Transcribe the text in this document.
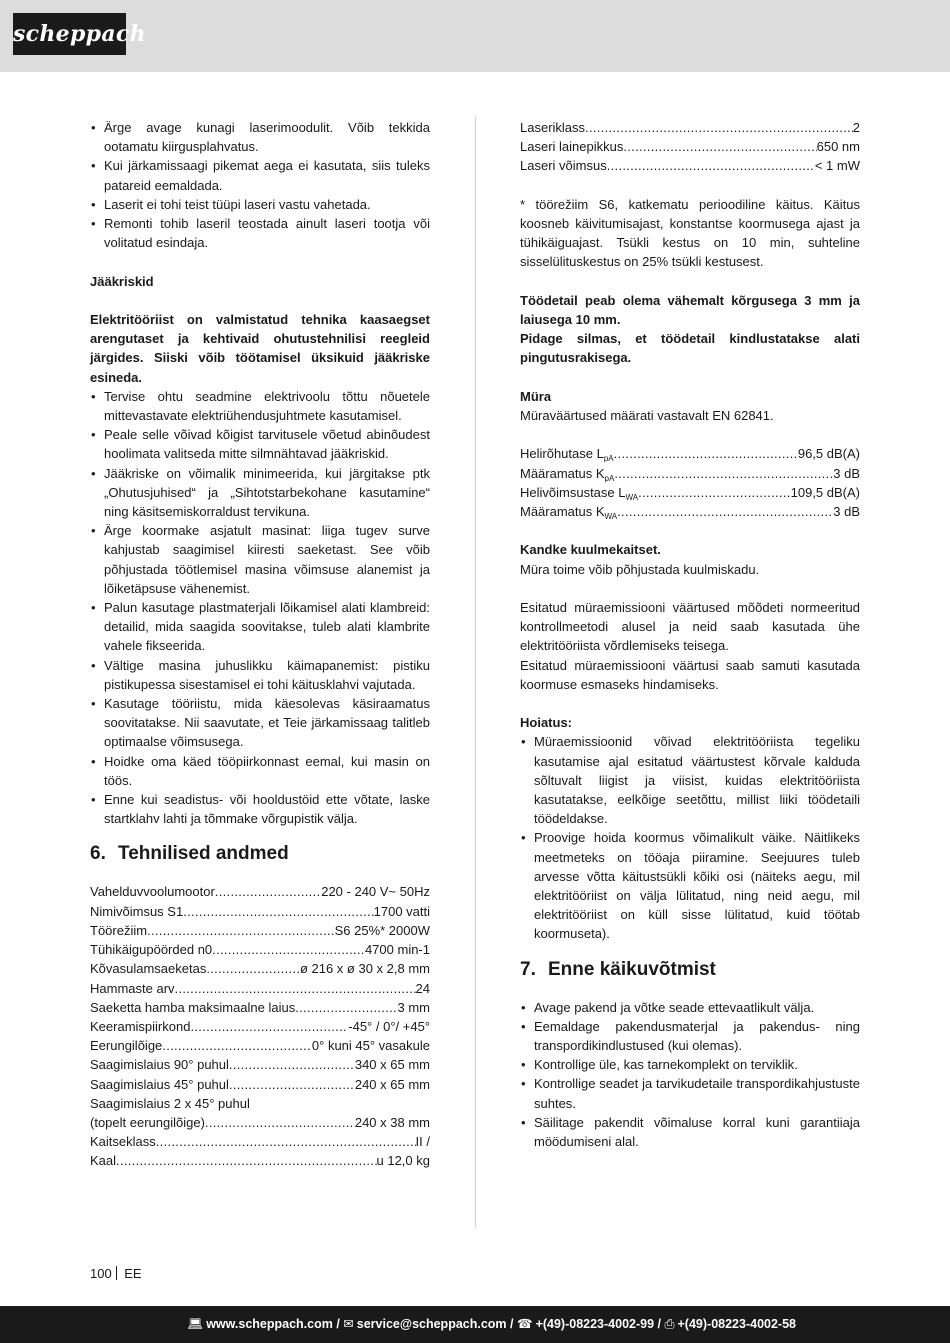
scheppach
• Ärge avage kunagi laserimoodulit. Võib tekkida ootamatu kiirgusplahvatus.
• Kui järkamissaagi pikemat aega ei kasutata, siis tuleks patareid eemaldada.
• Laserit ei tohi teist tüüpi laseri vastu vahetada.
• Remonti tohib laseril teostada ainult laseri tootja või volitatud esindaja.
Jääkriskid
Elektritööriist on valmistatud tehnika kaasaegset arengutaset ja kehtivaid ohutustehnilisi reegleid järgides. Siiski võib töötamisel üksikuid jääkriske esineda.
• Tervise ohtu seadmine elektrivoolu tõttu nõuetele mittevastavate elektriühendusjuhtmete kasutamisel.
• Peale selle võivad kõigist tarvitusele võetud abinõudest hoolimata valitseda mitte silmnähtavad jääkriskid.
• Jääkriske on võimalik minimeerida, kui järgitakse ptk „Ohutusjuhised“ ja „Sihtotstarbekohane kasutamine“ ning käsitsemiskorraldust tervikuna.
• Ärge koormake asjatult masinat: liiga tugev surve kahjustab saagimisel kiiresti saeketast. See võib põhjustada töötlemisel masina võimsuse alanemist ja lõiketäpsuse vähenemist.
• Palun kasutage plastmaterjali lõikamisel alati klambreid: detailid, mida saagida soovitakse, tuleb alati klambrite vahele fikseerida.
• Vältige masina juhuslikku käimapanemist: pistiku pistikupessa sisestamisel ei tohi käitusklahvi vajutada.
• Kasutage tööriistu, mida käesolevas käsiraamatus soovitatakse. Nii saavutate, et Teie järkamissaag talitleb optimaalse võimsusega.
• Hoidke oma käed tööpiirkonnast eemal, kui masin on töös.
• Enne kui seadistus- või hooldustöid ette võtate, laske startklahv lahti ja tõmmake võrgupistik välja.
6. Tehnilised andmed
Vahelduvvoolumootor .....	220 - 240 V~ 50Hz
Nimivõimsus S1 .....	1700 vatti
Töörežiim .....	S6 25%* 2000W
Tühikäigupöörded n0 .....	4700 min-1
Kõvasulamsaeketas .....	ø 216 x ø 30 x 2,8 mm
Hammaste arv .....	24
Saeketta hamba maksimaalne laius .....	3 mm
Keeramispiirkond .....	-45° / 0°/ +45°
Eerungilõige .....	0° kuni 45° vasakule
Saagimislaius 90° puhul .....	340 x 65 mm
Saagimislaius 45° puhul .....	240 x 65 mm
Saagimislaius 2 x 45° puhul
(topelt eerungilõige) .....	240 x 38 mm
Kaitseklass .....	II /
Kaal .....	u 12,0 kg
Laseriklass .....	2
Laseri lainepikkus .....	650 nm
Laseri võimsus .....	< 1 mW
* töörežiim S6, katkematu perioodiline käitus. Käitus koosneb käivitumisajast, konstantse koormusega ajast ja tühikäiguajast. Tsükli kestus on 10 min, suhteline sisselülituskestus on 25% tsükli kestusest.
Töödetail peab olema vähemalt kõrgusega 3 mm ja laiusega 10 mm.
Pidage silmas, et töödetail kindlustatakse alati pingutusrakisega.
Müra
Müraväärtused määrati vastavalt EN 62841.
Helirõhutase $L_{pA}$ .....	96,5 dB(A)
Määramatus $K_{pA}$ .....	3 dB
Helivõimsustase $L_{WA}$ .....	109,5 dB(A)
Määramatus $K_{WA}$ .....	3 dB
Kandke kuulmekaitset.
Müra toime võib põhjustada kuulmiskadu.
Esitatud müraemissiooni väärtused mõõdeti normeeritud kontrollmeetodi alusel ja neid saab kasutada ühe elektritööriista võrdlemiseks teisega.
Esitatud müraemissiooni väärtusi saab samuti kasutada koormuse esmaseks hindamiseks.
Hoiatus:
• Müraemissioonid võivad elektritööriista tegeliku kasutamise ajal esitatud väärtustest kõrvale kalduda sõltuvalt liigist ja viisist, kuidas elektritööriista kasutatakse, eelkõige seetõttu, millist liiki töödetaili töödeldakse.
• Proovige hoida koormus võimalikult väike. Näitlikeks meetmeteks on tööaja piiramine. Seejuures tuleb arvesse võtta käitustsükli kõiki osi (näiteks aegu, mil elektritööriist on välja lülitatud, ning neid aegu, mil elektritööriist on küll sisse lülitatud, kuid töötab koormuseta).
7. Enne käikuvõtmist
• Avage pakend ja võtke seade ettevaatlikult välja.
• Eemaldage pakendusmaterjal ja pakendus- ning transpordikindlustused (kui olemas).
• Kontrollige üle, kas tarnekomplekt on terviklik.
• Kontrollige seadet ja tarvikudetaile transpordikahjustuste suhtes.
• Säilitage pakendit võimaluse korral kuni garantiiaja möödumiseni alal.
100 EE
💻︎ www.scheppach.com / ✉ service@scheppach.com / ☎ +(49)-08223-4002-99 / ⎙ +(49)-08223-4002-58
